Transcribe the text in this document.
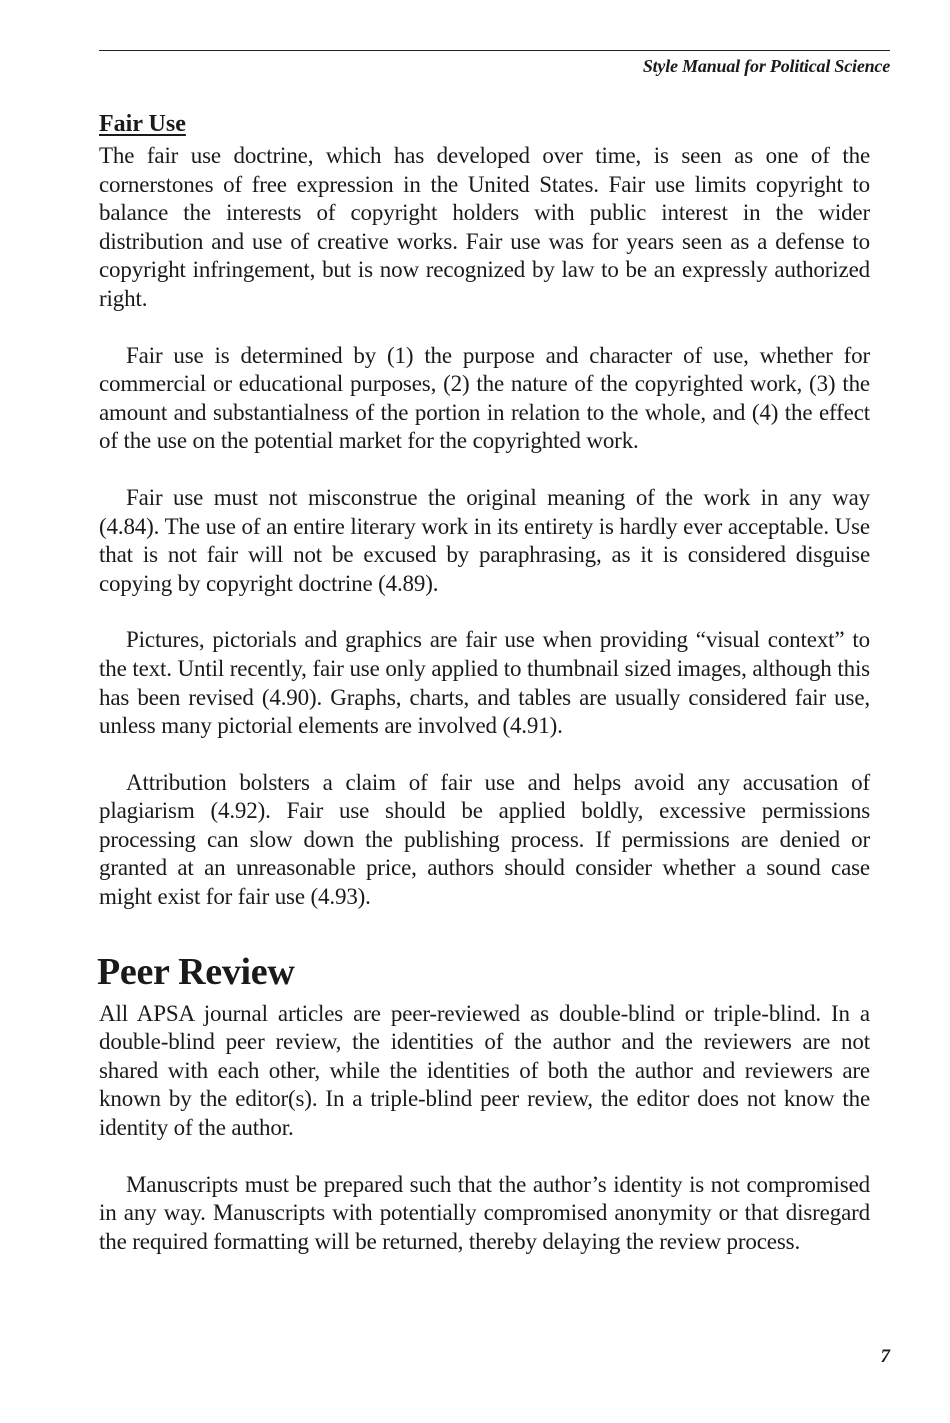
Style Manual for Political Science
Fair Use

The fair use doctrine, which has developed over time, is seen as one of the cornerstones of free expression in the United States. Fair use limits copyright to balance the interests of copyright holders with public interest in the wider distribution and use of creative works. Fair use was for years seen as a defense to copyright infringement, but is now recognized by law to be an expressly authorized right.

Fair use is determined by (1) the purpose and character of use, whether for commercial or educational purposes, (2) the nature of the copyrighted work, (3) the amount and substantialness of the portion in relation to the whole, and (4) the effect of the use on the potential market for the copyrighted work.

Fair use must not misconstrue the original meaning of the work in any way (4.84). The use of an entire literary work in its entirety is hardly ever acceptable. Use that is not fair will not be excused by paraphrasing, as it is considered disguise copying by copyright doctrine (4.89).

Pictures, pictorials and graphics are fair use when providing “visual context” to the text. Until recently, fair use only applied to thumbnail sized images, although this has been revised (4.90). Graphs, charts, and tables are usually considered fair use, unless many pictorial elements are involved (4.91).

Attribution bolsters a claim of fair use and helps avoid any accusation of plagiarism (4.92). Fair use should be applied boldly, excessive permissions processing can slow down the publishing process. If permissions are denied or granted at an unreasonable price, authors should consider whether a sound case might exist for fair use (4.93).

Peer Review

All APSA journal articles are peer-reviewed as double-blind or triple-blind. In a double-blind peer review, the identities of the author and the reviewers are not shared with each other, while the identities of both the author and reviewers are known by the editor(s). In a triple-blind peer review, the editor does not know the identity of the author.

Manuscripts must be prepared such that the author’s identity is not compromised in any way. Manuscripts with potentially compromised anonymity or that disregard the required formatting will be returned, thereby delaying the review process.

7
